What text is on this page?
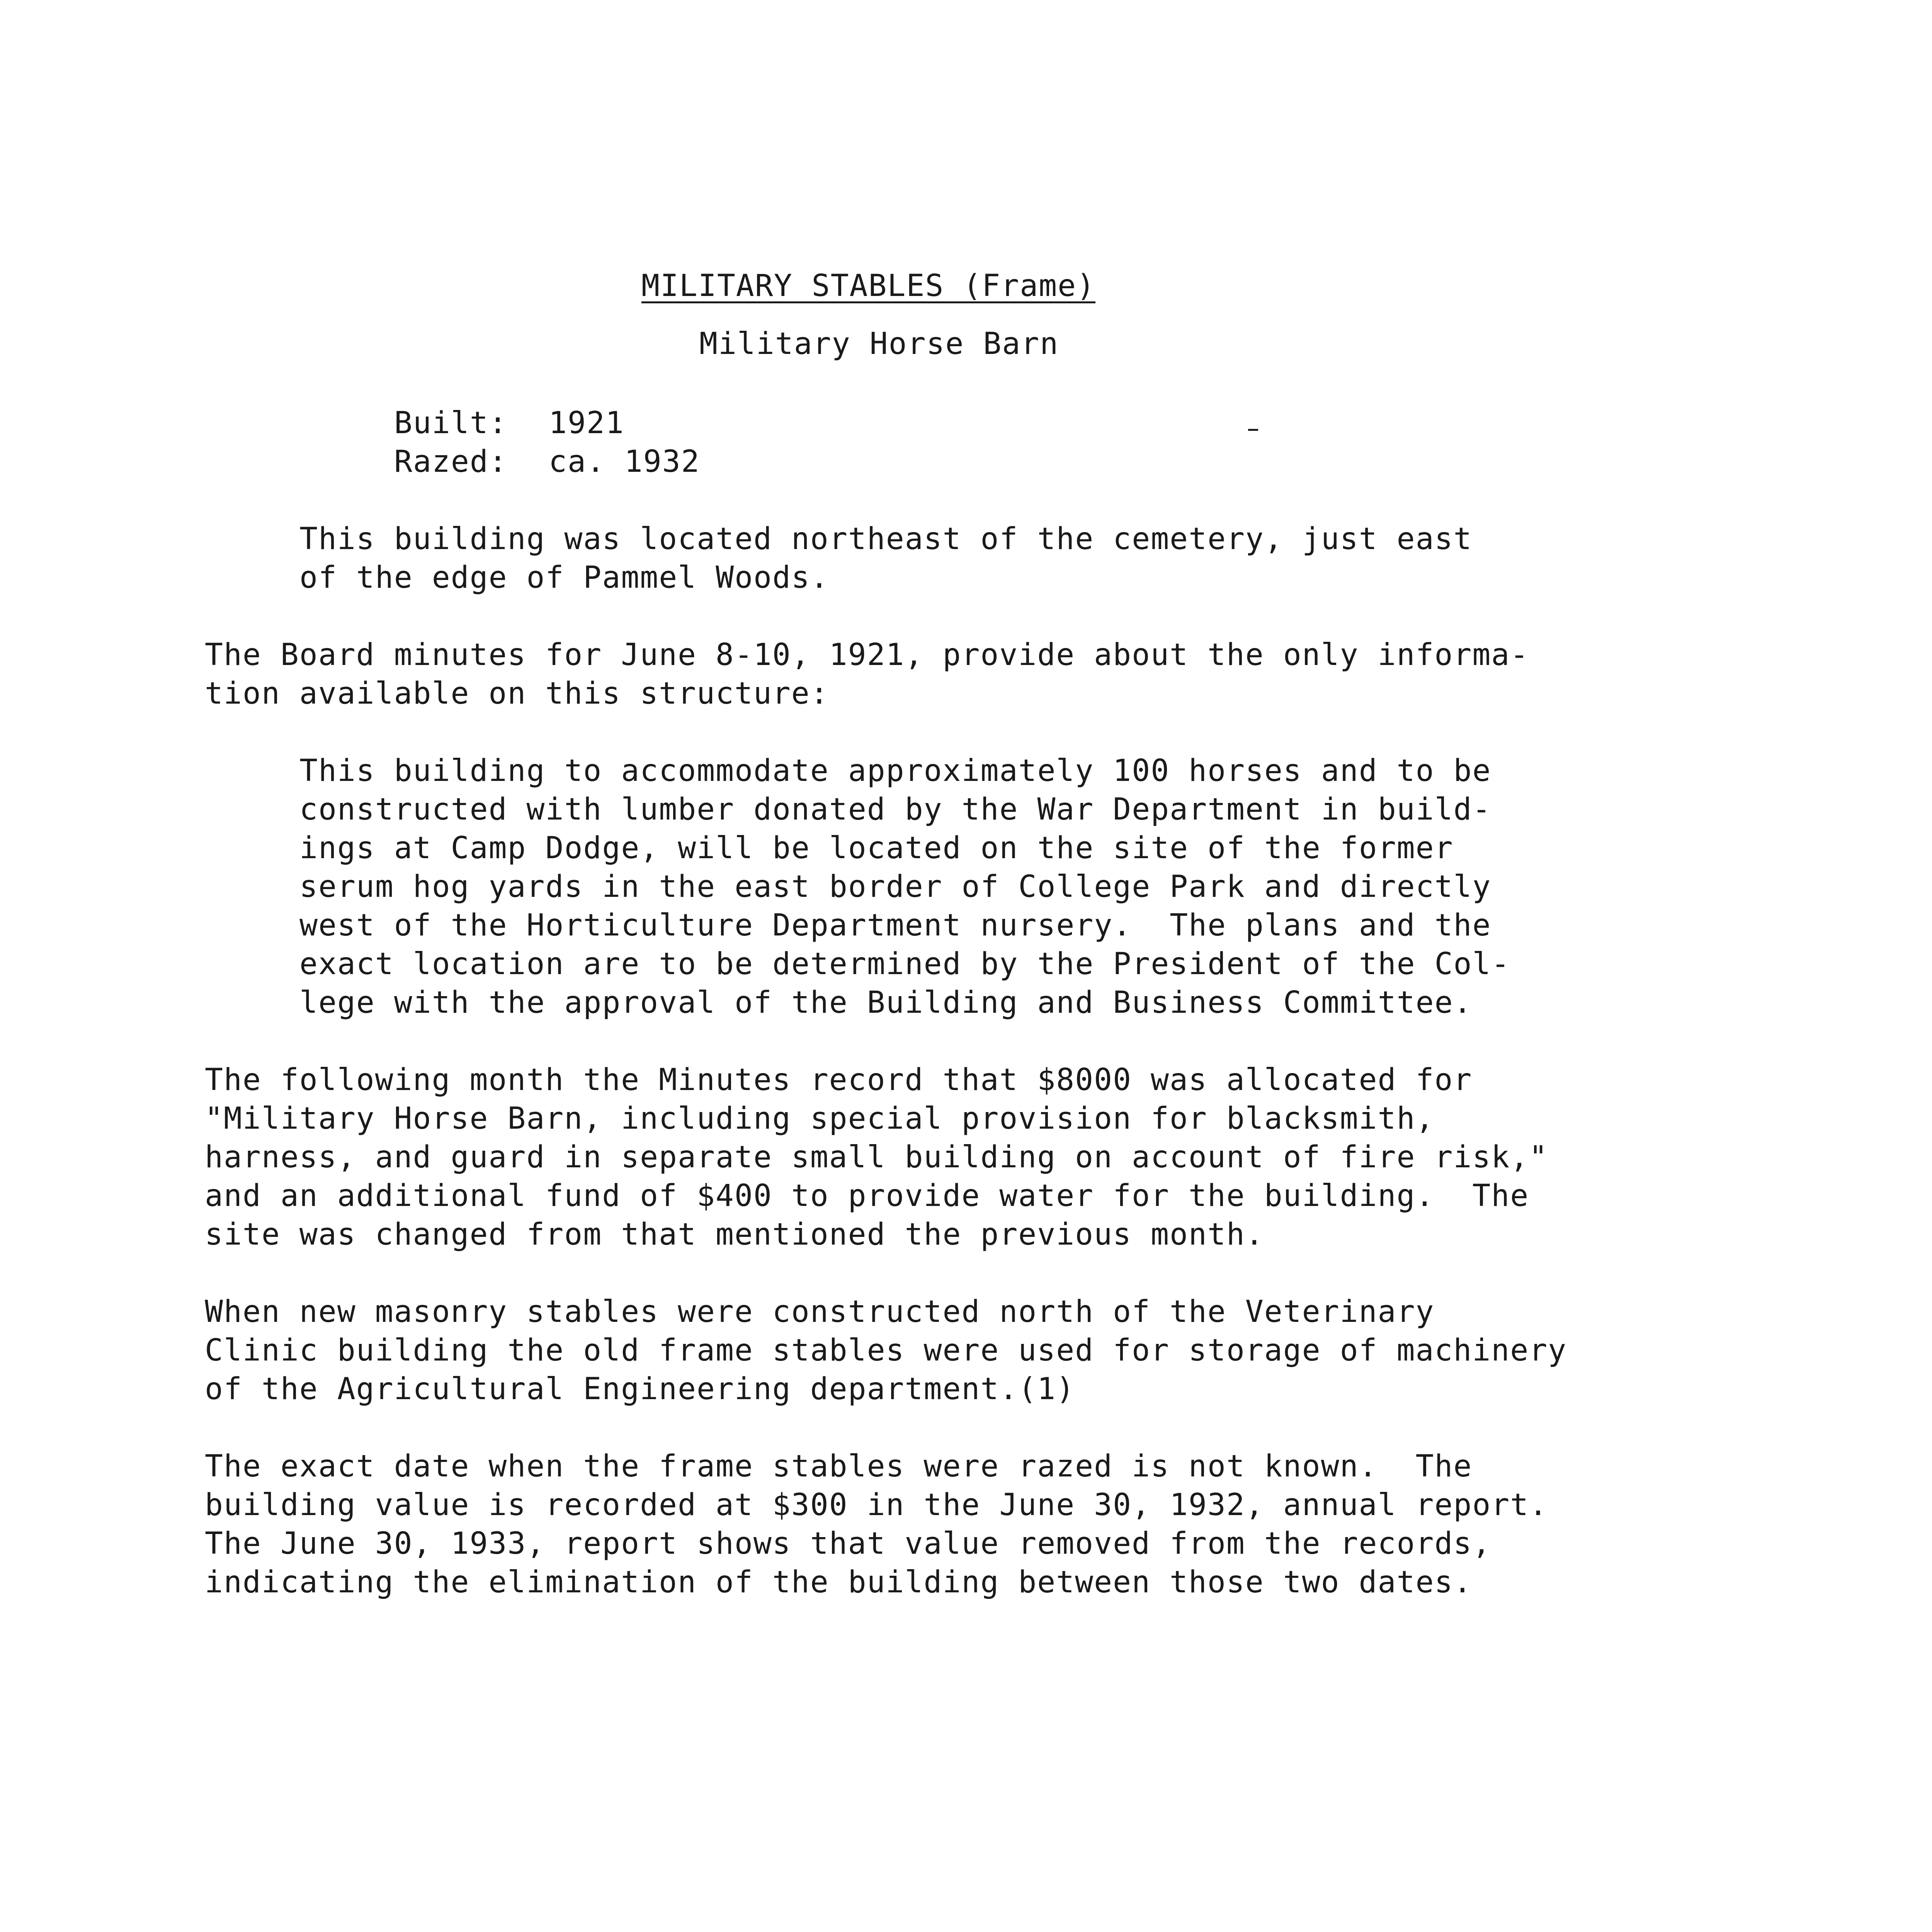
MILITARY STABLES (Frame)
Military Horse Barn
Built: 1921
Razed: ca. 1932
This building was located northeast of the cemetery, just east
of the edge of Pammel Woods.
The Board minutes for June 8-10, 1921, provide about the only informa-
tion available on this structure:
This building to accommodate approximately 100 horses and to be
constructed with lumber donated by the War Department in build-
ings at Camp Dodge, will be located on the site of the former
serum hog yards in the east border of College Park and directly
west of the Horticulture Department nursery.  The plans and the
exact location are to be determined by the President of the Col-
lege with the approval of the Building and Business Committee.
The following month the Minutes record that $8000 was allocated for
"Military Horse Barn, including special provision for blacksmith,
harness, and guard in separate small building on account of fire risk,"
and an additional fund of $400 to provide water for the building.  The
site was changed from that mentioned the previous month.
When new masonry stables were constructed north of the Veterinary
Clinic building the old frame stables were used for storage of machinery
of the Agricultural Engineering department.(1)
The exact date when the frame stables were razed is not known.  The
building value is recorded at $300 in the June 30, 1932, annual report.
The June 30, 1933, report shows that value removed from the records,
indicating the elimination of the building between those two dates.
